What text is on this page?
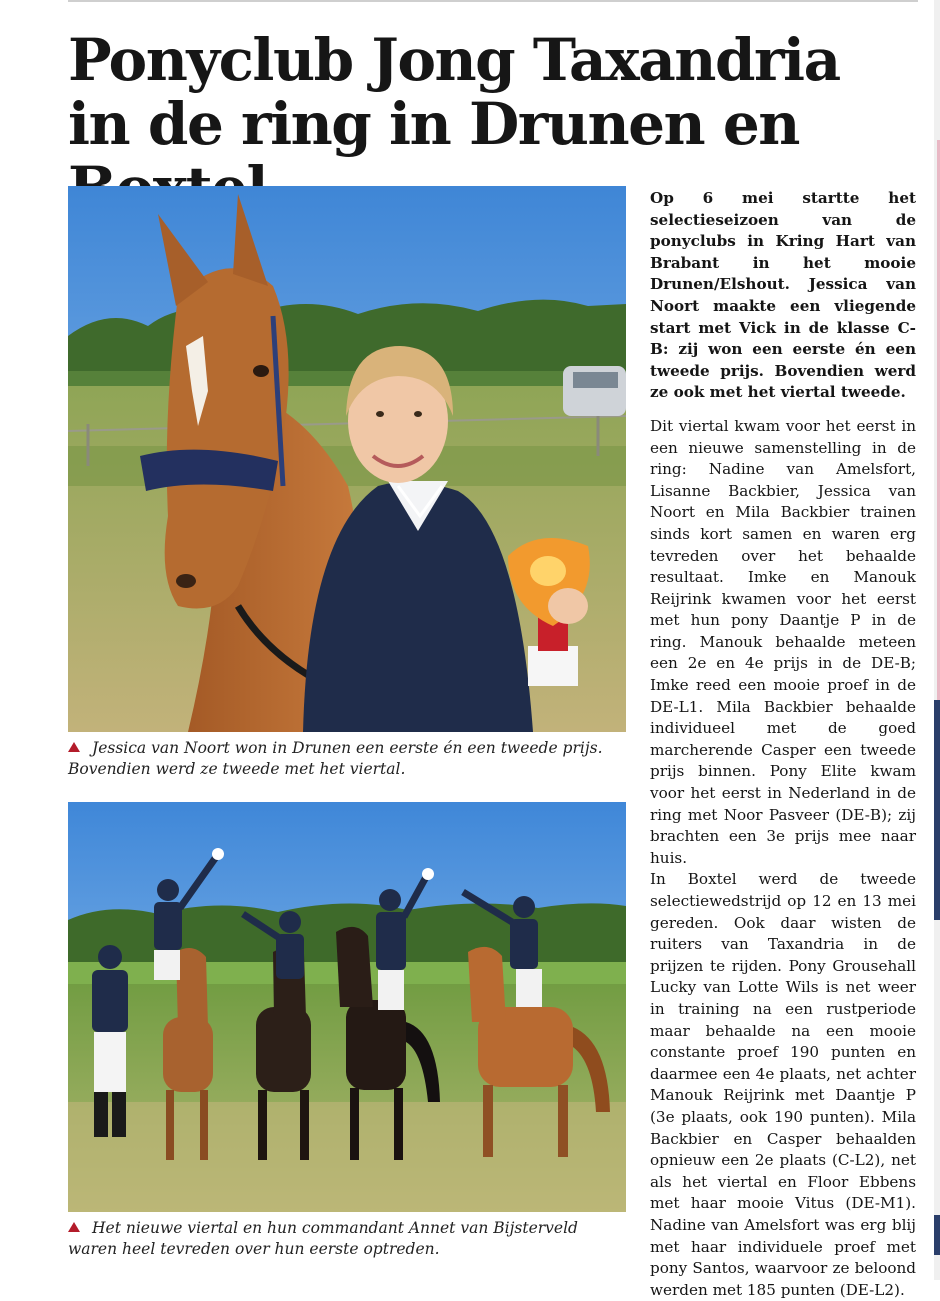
Ponyclub Jong Taxandria in de ring in Drunen en
Jessica van Noort won in Drunen een eerste én een tweede prijs. Bovendien werd ze tweede met het viertal.
Het nieuwe viertal en hun commandant Annet van Bijsterveld waren heel tevreden over hun eerste optreden.

Op 6 mei startte het selectieseizoen van de ponyclubs in Kring Hart van Brabant in het mooie Drunen/Elshout. Jessica van Noort maakte een vliegende start met Vick in de klasse C-B: zij won een eerste én een tweede prijs. Bovendien werd ze ook met het viertal tweede.

Dit viertal kwam voor het eerst in een nieuwe samenstelling in de ring: Nadine van Amelsfort, Lisanne Backbier, Jessica van Noort en Mila Backbier trainen sinds kort samen en waren erg tevreden over het behaalde resultaat. Imke en Manouk Reijrink kwamen voor het eerst met hun pony Daantje P in de ring. Manouk behaalde meteen een 2e en 4e prijs in de DE-B; Imke reed een mooie proef in de DE-L1. Mila Backbier behaalde individueel met de goed marcherende Casper een tweede prijs binnen. Pony Elite kwam voor het eerst in Nederland in de ring met Noor Pasveer (DE-B); zij brachten een 3e prijs mee naar huis.

In Boxtel werd de tweede selectiewedstrijd op 12 en 13 mei gereden. Ook daar wisten de ruiters van Taxandria in de prijzen te rijden. Pony Grousehall Lucky van Lotte Wils is net weer in training na een rustperiode maar behaalde na een mooie constante proef 190 punten en daarmee een 4e plaats, net achter Manouk Reijrink met Daantje P (3e plaats, ook 190 punten). Mila Backbier en Casper behaalden opnieuw een 2e plaats (C-L2), net als het viertal en Floor Ebbens met haar mooie Vitus (DE-M1). Nadine van Amelsfort was erg blij met haar individuele proef met pony Santos, waarvoor ze beloond werden met 185 punten (DE-L2).
